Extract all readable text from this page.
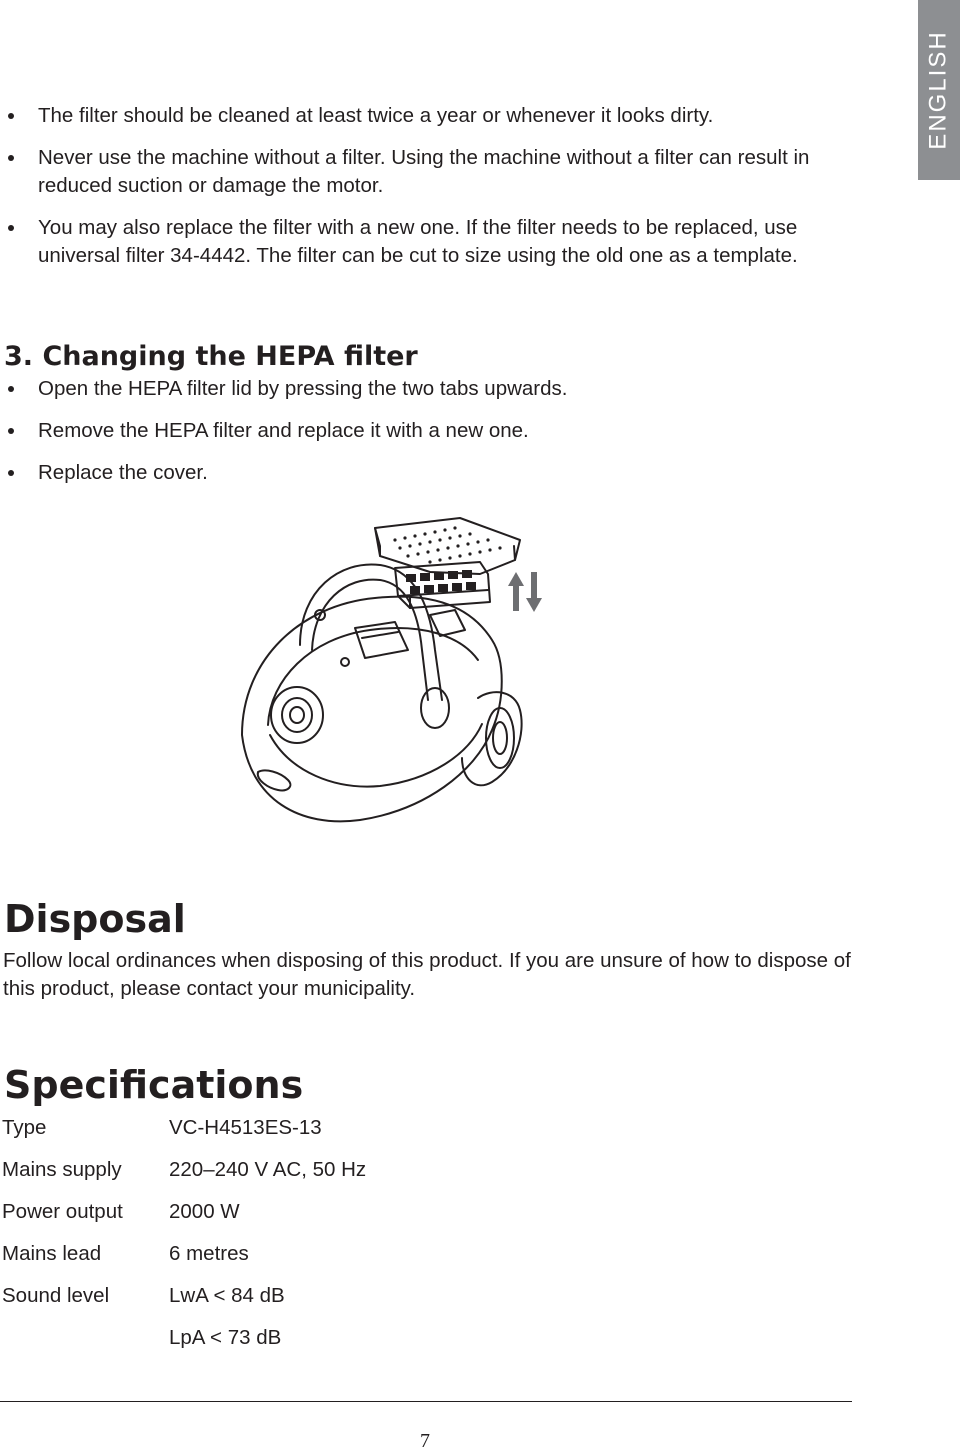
ENGLISH
The filter should be cleaned at least twice a year or whenever it looks dirty.
Never use the machine without a filter. Using the machine without a filter can result in reduced suction or damage the motor.
You may also replace the filter with a new one. If the filter needs to be replaced, use universal filter 34-4442. The filter can be cut to size using the old one as a template.
3. Changing the HEPA filter
Open the HEPA filter lid by pressing the two tabs upwards.
Remove the HEPA filter and replace it with a new one.
Replace the cover.
Disposal

Follow local ordinances when disposing of this product. If you are unsure of how to dispose of this product, please contact your municipality.

Specifications
Type	VC-H4513ES-13
Mains supply	220–240 V AC, 50 Hz
Power output	2000 W
Mains lead	6 metres
Sound level	LwA < 84 dB
	LpA < 73 dB
7
